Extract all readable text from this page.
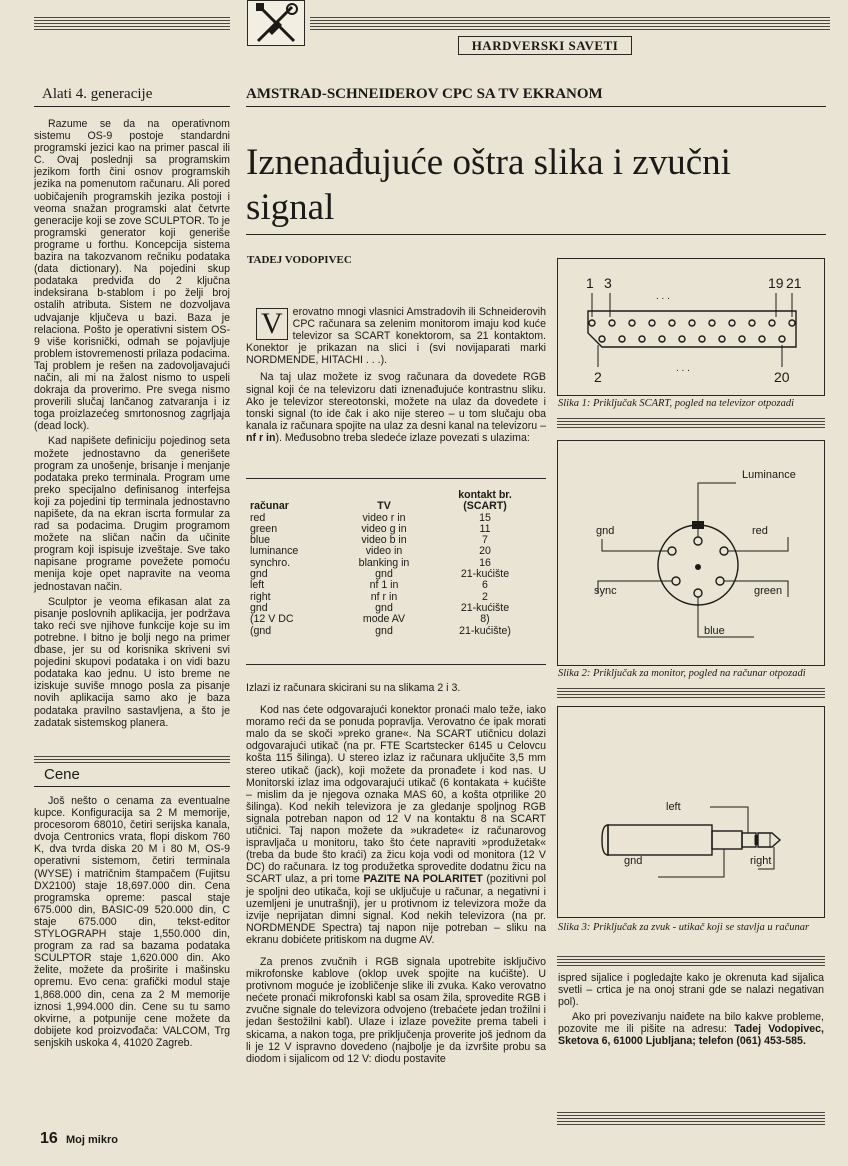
HARDVERSKI SAVETI

Alati 4. generacije

Razume se da na operativnom sistemu OS-9 postoje standardni programski jezici kao na primer pascal ili C. Ovaj poslednji sa programskim jezikom forth čini osnov programskih jezika na pomenutom računaru. Ali pored uobičajenih programskih jezika postoji i veoma snažan programski alat četvrte generacije koji se zove SCULPTOR. To je programski generator koji generiše programe u forthu. Koncepcija sistema bazira na takozvanom rečniku podataka (data dictionary). Na pojedini skup podataka predviđa do 2 ključna indeksirana b-stablom i po želji broj ostalih atributa. Sistem ne dozvoljava udvajanje ključeva u bazi. Baza je relaciona. Pošto je operativni sistem OS-9 više korisnički, odmah se pojavljuje problem istovremenosti prilaza podacima. Taj problem je rešen na zadovoljavajući način, ali mi na žalost nismo to uspeli dokraja da proverimo. Pre svega nismo proverili slučaj lančanog zatvaranja i iz toga proizlazećeg smrtonosnog zagrljaja (dead lock).

Kad napišete definiciju pojedinog seta možete jednostavno da generišete program za unošenje, brisanje i menjanje podataka preko terminala. Program ume preko specijalno definisanog interfejsa koji za pojedini tip terminala jednostavno napišete, da na ekran iscrta formular za rad sa podacima. Drugim programom možete na sličan način da učinite program koji ispisuje izveštaje. Sve tako napisane programe povežete pomoću menija koje opet napravite na veoma jednostavan način.

Sculptor je veoma efikasan alat za pisanje poslovnih aplikacija, jer podržava tako reći sve njihove funkcije koje su im potrebne. I bitno je bolji nego na primer dbase, jer su od korisnika skriveni svi pojedini skupovi podataka i on vidi bazu podataka kao jednu. U isto breme ne iziskuje suviše mnogo posla za pisanje novih aplikacija samo ako je baza podataka pravilno sastavljena, a što je zadatak sistemskog planera.

Cene

Još nešto o cenama za eventualne kupce. Konfiguracija sa 2 M memorije, procesorom 68010, četiri serijska kanala, dvoja Centronics vrata, flopi diskom 760 K, dva tvrda diska 20 M i 80 M, OS-9 operativni sistemom, četiri terminala (WYSE) i matričnim štampačem (Fujitsu DX2100) staje 18,697.000 din. Cena programska opreme: pascal staje 675.000 din, BASIC-09 520.000 din, C staje 675.000 din, tekst-editor STYLOGRAPH staje 1,550.000 din, program za rad sa bazama podataka SCULPTOR staje 1,620.000 din. Ako želite, možete da proširite i mašinsku opremu. Evo cena: grafički modul staje 1,868.000 din, cena za 2 M memorije iznosi 1,994.000 din. Cene su tu samo okvirne, a potpunije cene možete da dobijete kod proizvođača: VALCOM, Trg senjskih uskoka 4, 41020 Zagreb.

16 Moj mikro
AMSTRAD-SCHNEIDEROV CPC SA TV EKRANOM
Iznenađujuće oštra slika i zvučni signal
TADEJ VODOPIVEC

V erovatno mnogi vlasnici Amstradovih ili Schneiderovih CPC računara sa zelenim monitorom imaju kod kuće televizor sa SCART konektorom, sa 21 kontaktom. Konektor je prikazan na slici i (svi novijaparati marki NORDMENDE, HITACHI . . .).

Na taj ulaz možete iz svog računara da dovedete RGB signal koji će na televizoru dati iznenađujuće kontrastnu sliku. Ako je televizor stereotonski, možete na ulaz da dovedete i tonski signal (to ide čak i ako nije stereo – u tom slučaju oba kanala iz računara spojite na ulaz za desni kanal na televizoru – nf r in). Međusobno treba sledeće izlaze povezati s ulazima:

računar	TV	kontakt br.
(SCART)
red	video r in	15
green	video g in	11
blue	video b in	7
luminance	video in	20
synchro.	blanking in	16
gnd	gnd	21-kućište
left	nf 1 in	6
right	nf r in	2
gnd	gnd	21-kućište
(12 V DC	mode AV	8)
(gnd	gnd	21-kućište)

Izlazi iz računara skicirani su na slikama 2 i 3.

Kod nas ćete odgovarajući konektor pronaći malo teže, iako moramo reći da se ponuda popravlja. Verovatno će ipak morati malo da se skoči »preko grane«. Na SCART utičnicu dolazi odgovarajući utikač (na pr. FTE Scartstecker 6145 u Celovcu košta 115 šilinga). U stereo izlaz iz računara uključite 3,5 mm stereo utikač (jack), koji možete da pronađete i kod nas. U Monitorski izlaz ima odgovarajući utikač (6 kontakata + kućište – mislim da je njegova oznaka MAS 60, a košta otprilike 20 šilinga). Kod nekih televizora je za gledanje spoljnog RGB signala potreban napon od 12 V na kontaktu 8 na SCART utičnici. Taj napon možete da »ukradete« iz računarovog ispravljača u monitoru, tako što ćete napraviti »produžetak« (treba da bude što kraći) za žicu koja vodi od monitora (12 V DC) do računara. Iz tog produžetka sprovedite dodatnu žicu na SCART ulaz, a pri tome PAZITE NA POLARITET (pozitivni pol je spoljni deo utikača, koji se uključuje u računar, a negativni i uzemljeni je unutrašnji), jer u protivnom iz televizora može da izvije neprijatan dimni signal. Kod nekih televizora (na pr. NORDMENDE Spectra) taj napon nije potreban – sliku na ekranu dobićete pritiskom na dugme AV.

Za prenos zvučnih i RGB signala upotrebite isključivo mikrofonske kablove (oklop uvek spojite na kućište). U protivnom moguće je izobličenje slike ili zvuka. Kako verovatno nećete pronaći mikrofonski kabl sa osam žila, sprovedite RGB i zvučne signale do televizora odvojeno (trebaćete jedan trožilni i jedan šestožilni kabl). Ulaze i izlaze povežite prema tabeli i skicama, a nakon toga, pre priključenja proverite još jednom da li je 12 V ispravno dovedeno (najbolje je da izvršite probu sa diodom i sijalicom od 12 V: diodu postavite

. . .
. . .
1 3	19 21
2	20
Slika 1: Priključak SCART, pogled na televizor otpozadi
Luminance
gnd	red
sync	green
blue
Slika 2: Priključak za monitor, pogled na računar otpozadi
left
gnd	right
Slika 3: Priključak za zvuk - utikač koji se stavlja u računar

ispred sijalice i pogledajte kako je okrenuta kad sijalica svetli – crtica je na onoj strani gde se nalazi negativan pol).

Ako pri povezivanju naiđete na bilo kakve probleme, pozovite me ili pišite na adresu: Tadej Vodopivec, Sketova 6, 61000 Ljubljana; telefon (061) 453-585.
